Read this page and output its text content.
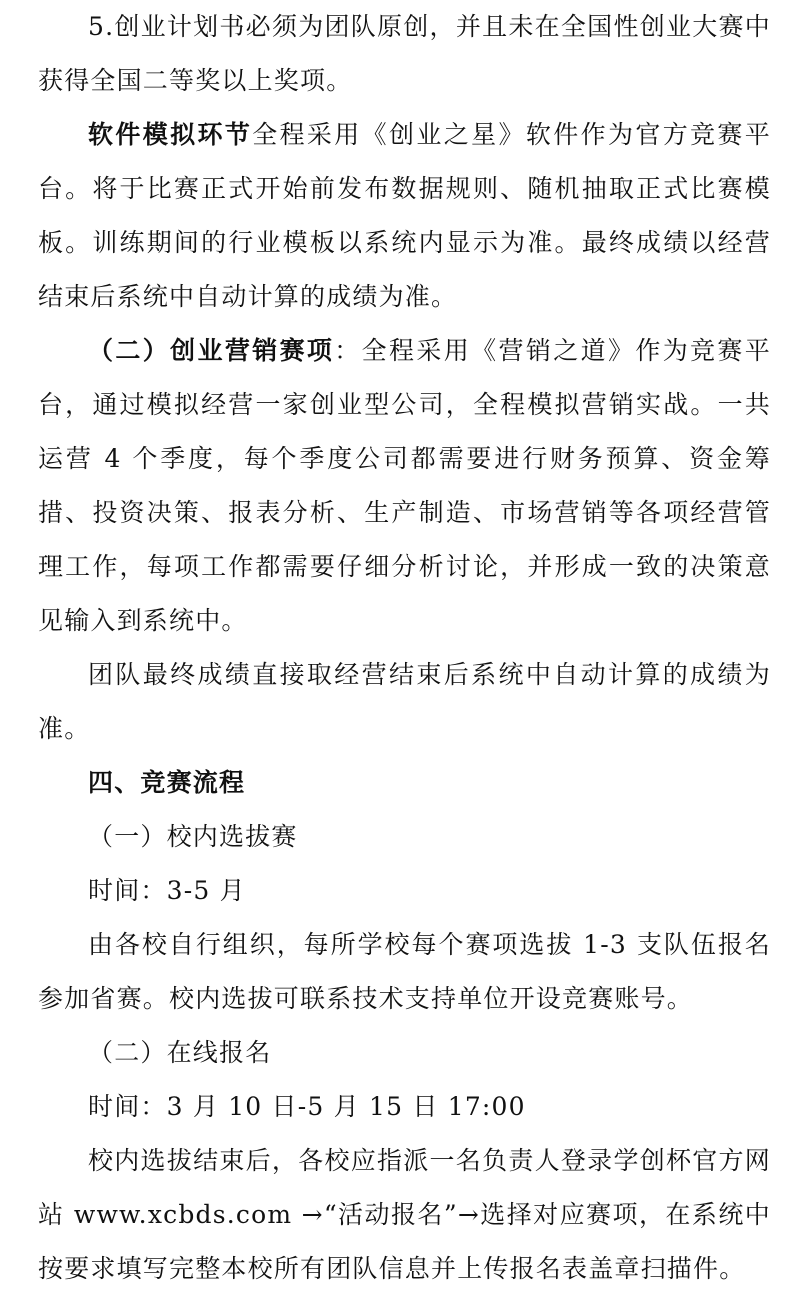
5.创业计划书必须为团队原创，并且未在全国性创业大赛中获得全国二等奖以上奖项。

软件模拟环节全程采用《创业之星》软件作为官方竞赛平台。将于比赛正式开始前发布数据规则、随机抽取正式比赛模板。训练期间的行业模板以系统内显示为准。最终成绩以经营结束后系统中自动计算的成绩为准。

（二）创业营销赛项：全程采用《营销之道》作为竞赛平台，通过模拟经营一家创业型公司，全程模拟营销实战。一共运营 4 个季度，每个季度公司都需要进行财务预算、资金筹措、投资决策、报表分析、生产制造、市场营销等各项经营管理工作，每项工作都需要仔细分析讨论，并形成一致的决策意见输入到系统中。

团队最终成绩直接取经营结束后系统中自动计算的成绩为准。

四、竞赛流程

（一）校内选拔赛

时间：3-5 月

由各校自行组织，每所学校每个赛项选拔 1-3 支队伍报名参加省赛。校内选拔可联系技术支持单位开设竞赛账号。

（二）在线报名

时间：3 月 10 日-5 月 15 日 17:00

校内选拔结束后，各校应指派一名负责人登录学创杯官方网站 www.xcbds.com →“活动报名”→选择对应赛项，在系统中按要求填写完整本校所有团队信息并上传报名表盖章扫描件。
